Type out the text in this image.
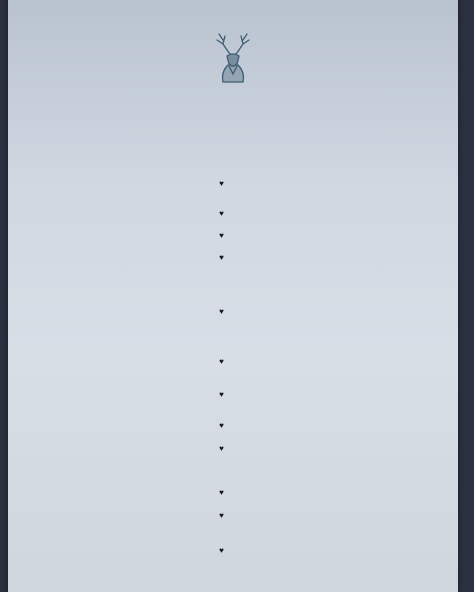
♥
♥
♥
♥
♥
♥
♥
♥
♥
♥
♥
♥
